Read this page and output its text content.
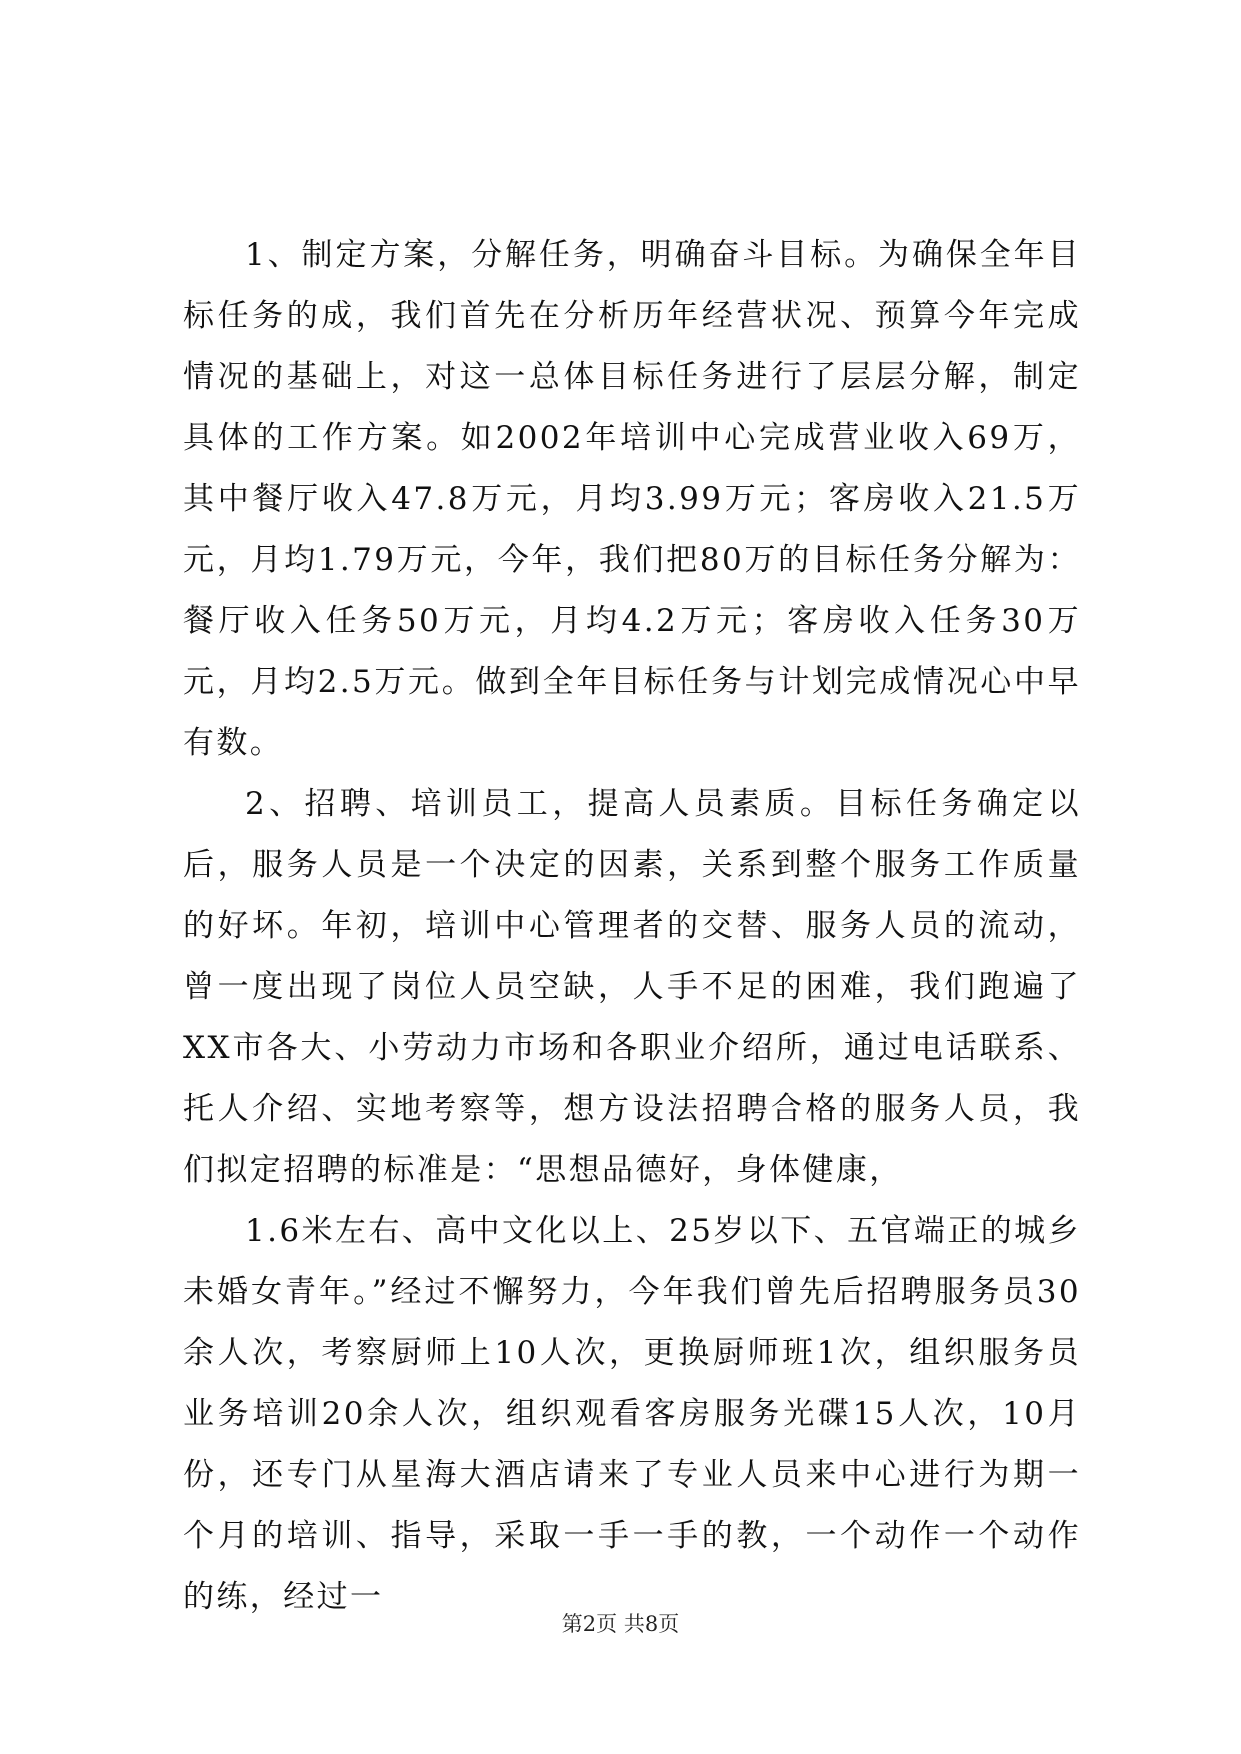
1、制定方案，分解任务，明确奋斗目标。为确保全年目标任务的成，我们首先在分析历年经营状况、预算今年完成情况的基础上，对这一总体目标任务进行了层层分解，制定具体的工作方案。如2002年培训中心完成营业收入69万，其中餐厅收入47.8万元，月均3.99万元；客房收入21.5万元，月均1.79万元，今年，我们把80万的目标任务分解为：餐厅收入任务50万元，月均4.2万元；客房收入任务30万元，月均2.5万元。做到全年目标任务与计划完成情况心中早有数。

2、招聘、培训员工，提高人员素质。目标任务确定以后，服务人员是一个决定的因素，关系到整个服务工作质量的好坏。年初，培训中心管理者的交替、服务人员的流动，曾一度出现了岗位人员空缺，人手不足的困难，我们跑遍了XX市各大、小劳动力市场和各职业介绍所，通过电话联系、托人介绍、实地考察等，想方设法招聘合格的服务人员，我们拟定招聘的标准是：“思想品德好，身体健康，

1.6米左右、高中文化以上、25岁以下、五官端正的城乡未婚女青年。”经过不懈努力，今年我们曾先后招聘服务员30余人次，考察厨师上10人次，更换厨师班1次，组织服务员业务培训20余人次，组织观看客房服务光碟15人次，10月份，还专门从星海大酒店请来了专业人员来中心进行为期一个月的培训、指导，采取一手一手的教，一个动作一个动作的练，经过一

第2页 共8页
